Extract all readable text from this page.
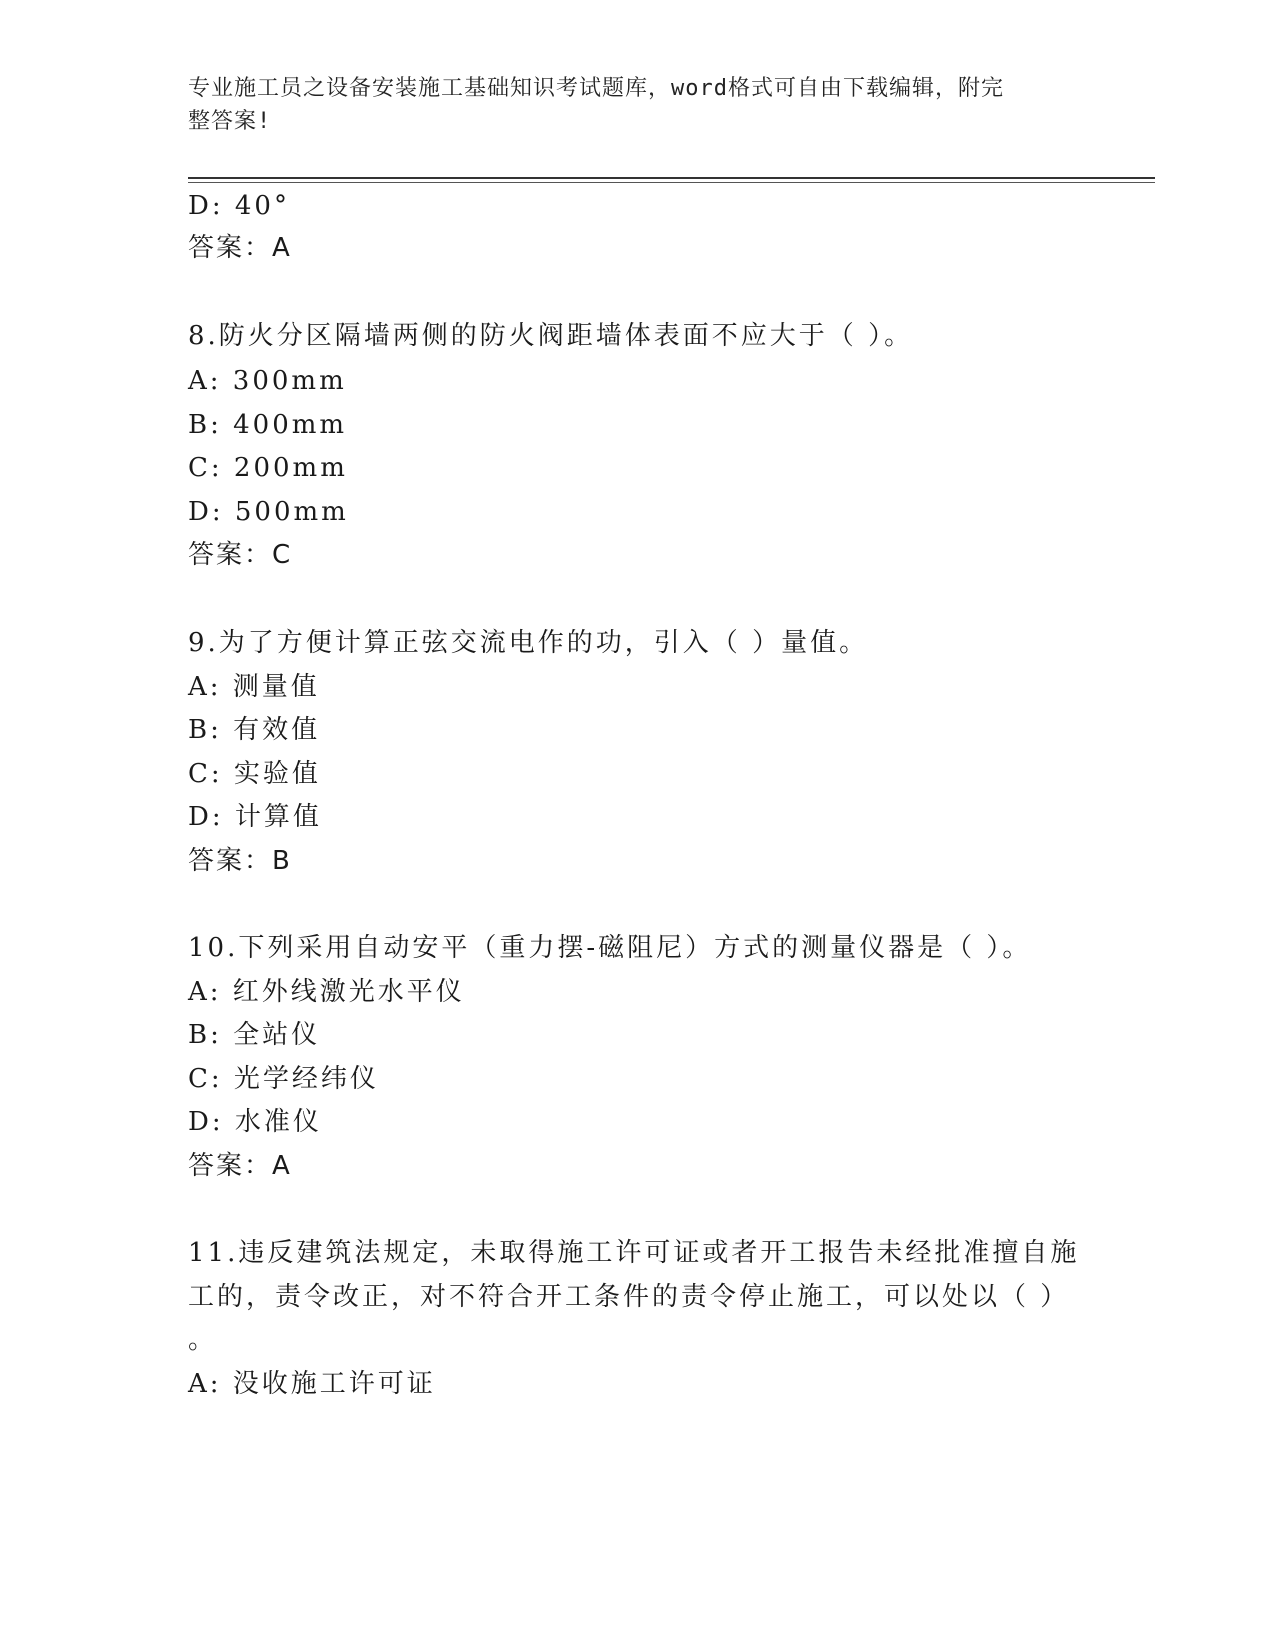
专业施工员之设备安装施工基础知识考试题库，word格式可自由下载编辑，附完
整答案!
D: 40°
答案：A
8.防火分区隔墙两侧的防火阀距墙体表面不应大于（ ）。
A: 300mm
B: 400mm
C: 200mm
D: 500mm
答案：C
9.为了方便计算正弦交流电作的功，引入（ ）量值。
A: 测量值
B: 有效值
C: 实验值
D: 计算值
答案：B
10.下列采用自动安平（重力摆-磁阻尼）方式的测量仪器是（ ）。
A: 红外线激光水平仪
B: 全站仪
C: 光学经纬仪
D: 水准仪
答案：A
11.违反建筑法规定，未取得施工许可证或者开工报告未经批准擅自施
工的，责令改正，对不符合开工条件的责令停止施工，可以处以（ ）
。
A: 没收施工许可证
